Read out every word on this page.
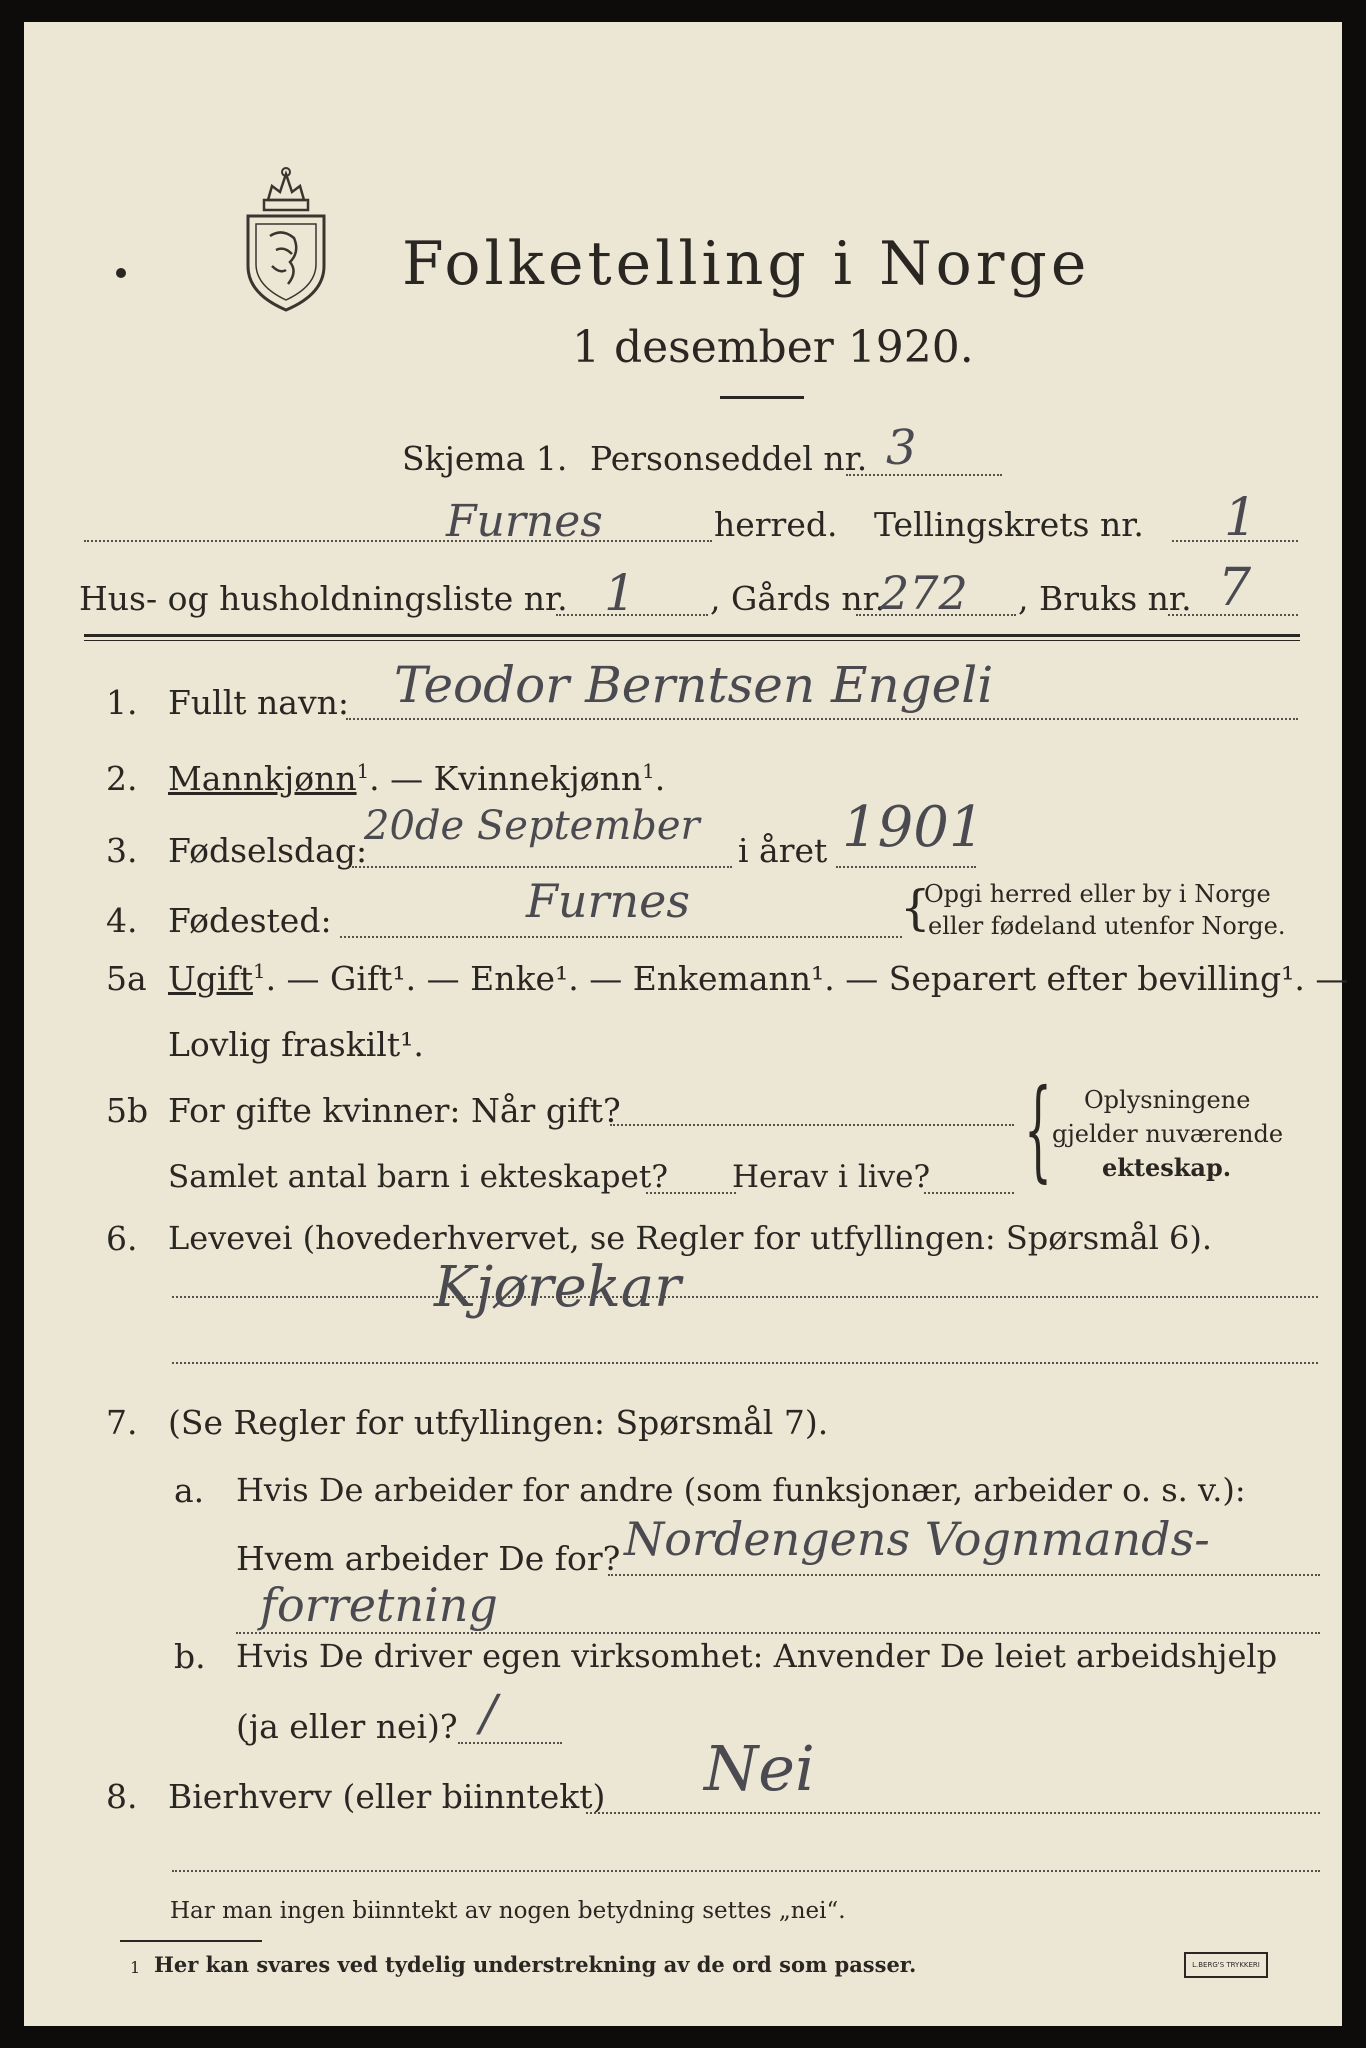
Folketelling i Norge
1 desember 1920.
Skjema 1. Personseddel nr. 3
Furnes	herred. Tellingskrets nr. 1
Hus- og husholdningsliste nr. 1 , Gårds nr.
272 , Bruks nr. 7
1. Fullt navn: Teodor Berntsen Engeli
2. Mannkjønn$^1$. — Kvinnekjønn$^1$.
3. Fødselsdag:
20de September
i året 1901
4. Fødested:	Furnes	{
Opgi herred eller by i Norge
eller fødeland utenfor Norge.
5a Ugift$^1$. — Gift¹. — Enke¹. — Enkemann¹. — Separert efter bevilling¹. —
Lovlig fraskilt¹.
5b For gifte kvinner: Når gift?
Samlet antal barn i ekteskapet? Herav i live? { Oplysningene
gjelder nuværende
ekteskap.
6. Levevei (hovederhvervet, se Regler for utfyllingen: Spørsmål 6).
Kjørekar
7. (Se Regler for utfyllingen: Spørsmål 7).
a. Hvis De arbeider for andre (som funksjonær, arbeider o. s. v.):
Hvem arbeider De for? Nordengens Vognmands-
forretning
b. Hvis De driver egen virksomhet: Anvender De leiet arbeidshjelp
(ja eller nei)? /
8. Bierhverv (eller biinntekt) Nei
Har man ingen biinntekt av nogen betydning settes „nei“.
1 Her kan svares ved tydelig understrekning av de ord som passer.	L.BERG'S TRYKKERI
